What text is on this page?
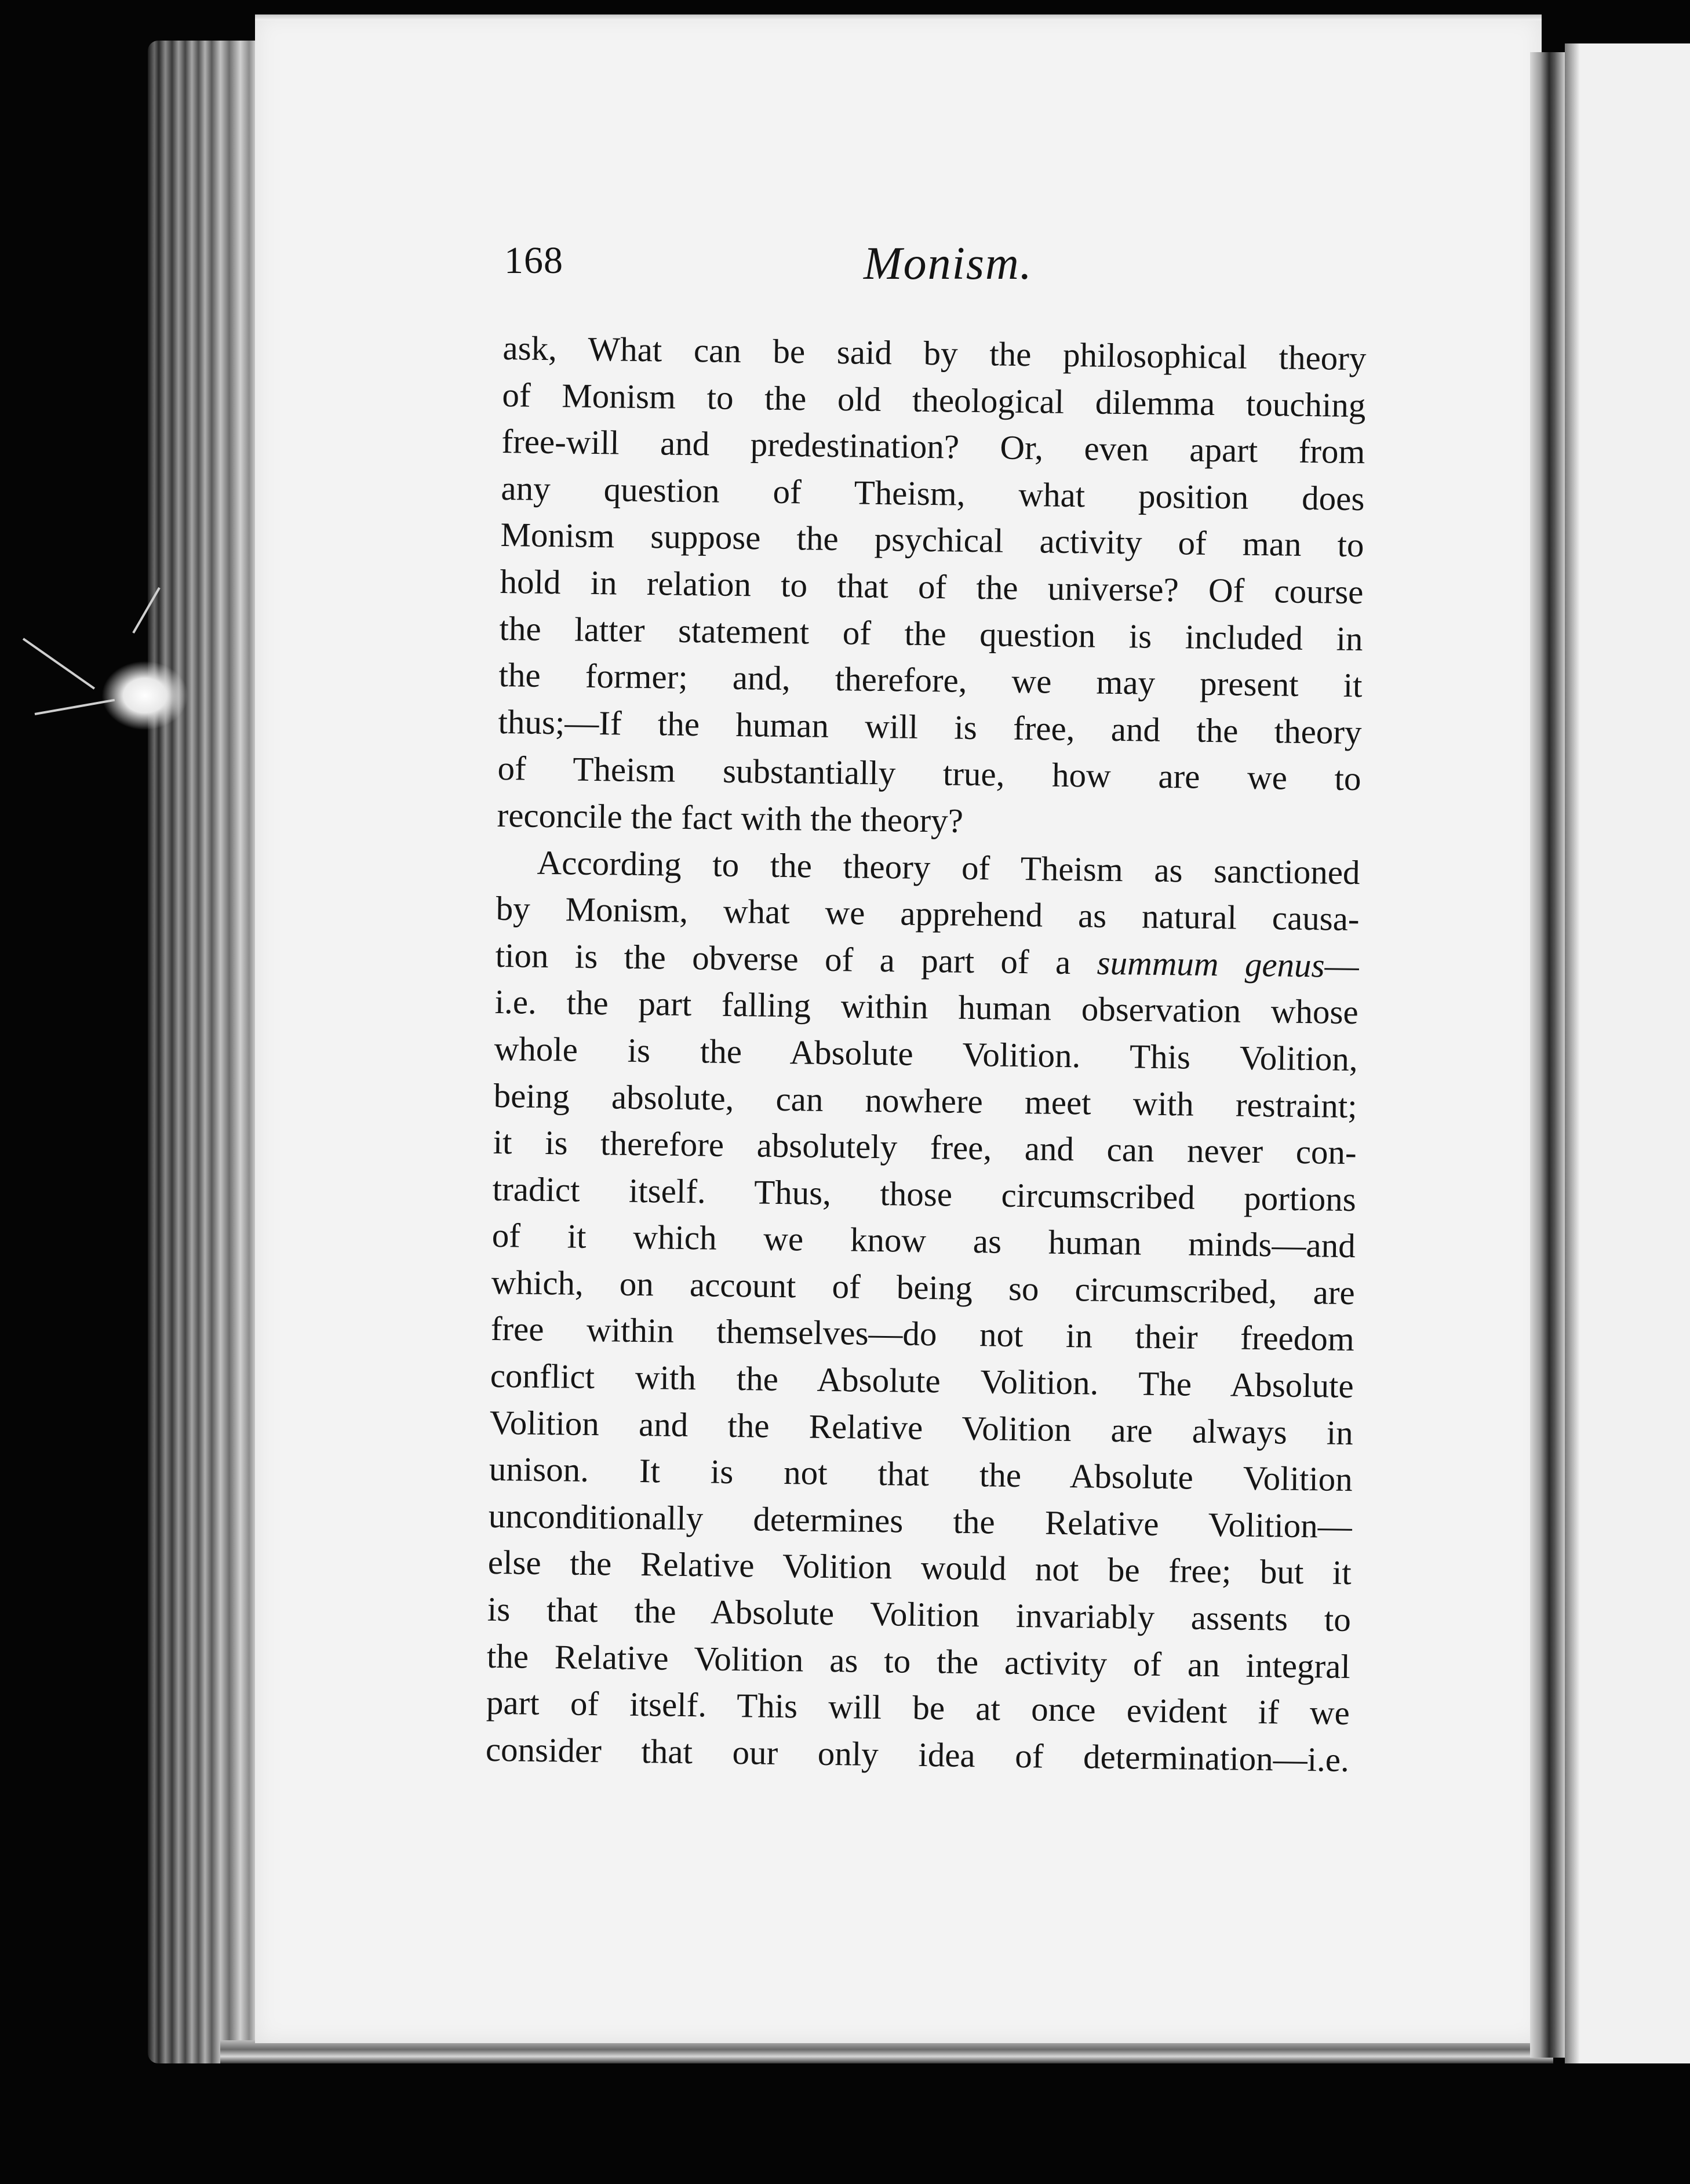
168	Monism.
ask, What can be said by the philosophical theory
of Monism to the old theological dilemma touching
free-will and predestination? Or, even apart from
any question of Theism, what position does
Monism suppose the psychical activity of man to
hold in relation to that of the universe? Of course
the latter statement of the question is included in
the former; and, therefore, we may present it
thus;—If the human will is free, and the theory
of Theism substantially true, how are we to
reconcile the fact with the theory?
According to the theory of Theism as sanctioned
by Monism, what we apprehend as natural causa-
tion is the obverse of a part of a summum genus—
i.e. the part falling within human observation whose
whole is the Absolute Volition. This Volition,
being absolute, can nowhere meet with restraint;
it is therefore absolutely free, and can never con-
tradict itself. Thus, those circumscribed portions
of it which we know as human minds—and
which, on account of being so circumscribed, are
free within themselves—do not in their freedom
conflict with the Absolute Volition. The Absolute
Volition and the Relative Volition are always in
unison. It is not that the Absolute Volition
unconditionally determines the Relative Volition—
else the Relative Volition would not be free; but it
is that the Absolute Volition invariably assents to
the Relative Volition as to the activity of an integral
part of itself. This will be at once evident if we
consider that our only idea of determination—i.e.
